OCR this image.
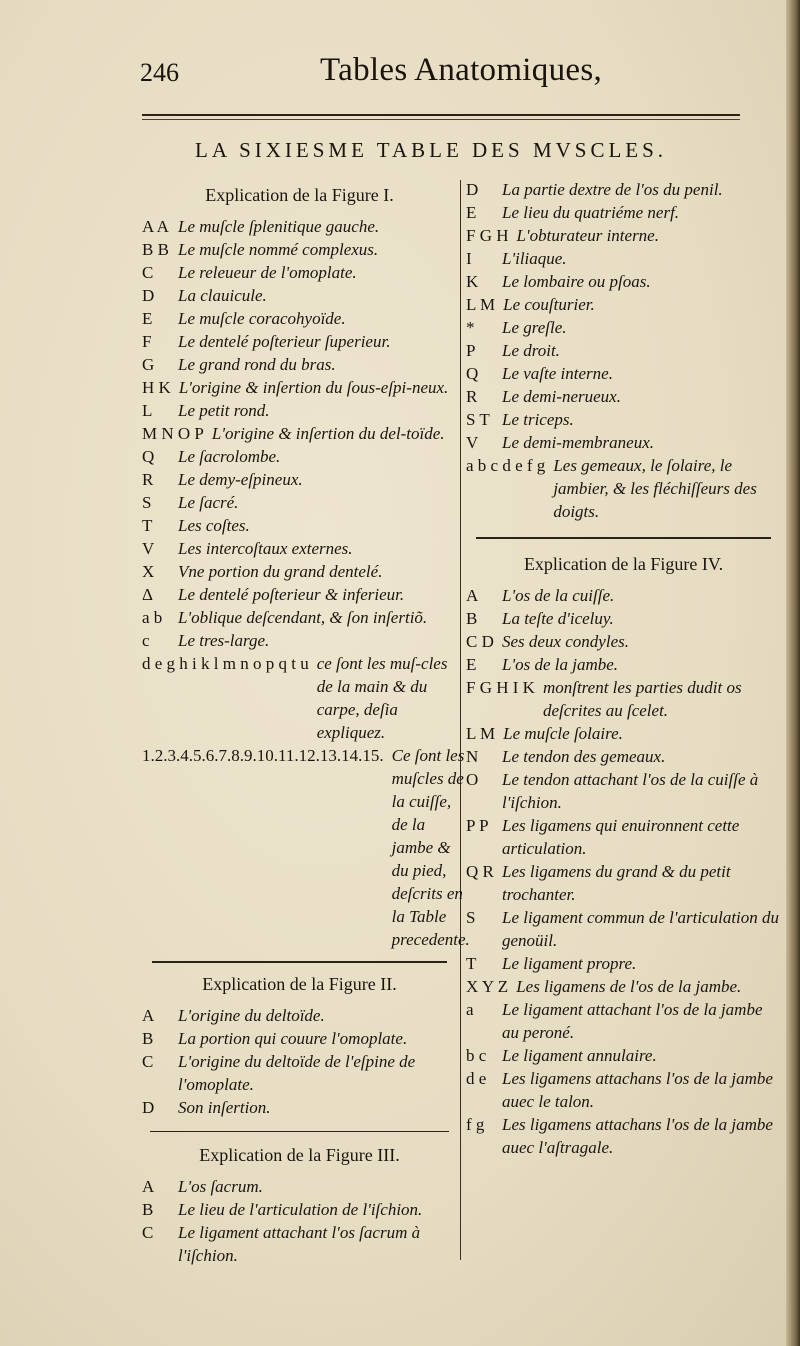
246	Tables Anatomiques,
LA SIXIESME TABLE DES MVSCLES.
Explication de la Figure I.
A A Le muſcle ſplenitique gauche.
B B Le muſcle nommé complexus.
C	Le releueur de l'omoplate.
D	La clauicule.
E	Le muſcle coracohyoïde.
F	Le dentelé poſterieur ſuperieur.
G	Le grand rond du bras.
H K L'origine & inſertion du ſous-eſpi-neux.
L	Le petit rond.
M N O P L'origine & inſertion du del-toïde.
Q	Le ſacrolombe.
R	Le demy-eſpineux.
S	Le ſacré.
T	Les coſtes.
V	Les intercoſtaux externes.
X	Vne portion du grand dentelé.
Δ	Le dentelé poſterieur & inferieur.
a b L'oblique deſcendant, & ſon inſertiõ.
c	Le tres-large.
d e g h i k l m n o p q t u ce ſont les muſ-cles de la main & du carpe, deſia expliquez.
1.2.3.4.5.6.7.8.9.10.11.12.13.14.15. Ce ſont les muſcles de la cuiſſe, de la jambe & du pied, deſcrits en la Table precedente.
Explication de la Figure II.
A	L'origine du deltoïde.
B	La portion qui couure l'omoplate.
C	L'origine du deltoïde de l'eſpine de l'omoplate.
D	Son inſertion.
Explication de la Figure III.
A	L'os ſacrum.
B	Le lieu de l'articulation de l'iſchion.
C	Le ligament attachant l'os ſacrum à l'iſchion.
D	La partie dextre de l'os du penil.
E	Le lieu du quatriéme nerf.
F G H L'obturateur interne.
I	L'iliaque.
K	Le lombaire ou pſoas.
L M Le couſturier.
*	Le greſle.
P	Le droit.
Q	Le vaſte interne.
R	Le demi-nerueux.
S T Le triceps.
V	Le demi-membraneux.
a b c d e f g Les gemeaux, le ſolaire, le jambier, & les fléchiſſeurs des doigts.
Explication de la Figure IV.
A	L'os de la cuiſſe.
B	La teſte d'iceluy.
C D Ses deux condyles.
E	L'os de la jambe.
F G H I K monſtrent les parties dudit os deſcrites au ſcelet.
L M Le muſcle ſolaire.
N	Le tendon des gemeaux.
O	Le tendon attachant l'os de la cuiſſe à l'iſchion.
P P Les ligamens qui enuironnent cette articulation.
Q R Les ligamens du grand & du petit trochanter.
S	Le ligament commun de l'articulation du genoüil.
T	Le ligament propre.
X Y Z Les ligamens de l'os de la jambe.
a	Le ligament attachant l'os de la jambe au peroné.
b c Le ligament annulaire.
d e Les ligamens attachans l'os de la jambe auec le talon.
f g	Les ligamens attachans l'os de la jambe auec l'aſtragale.
